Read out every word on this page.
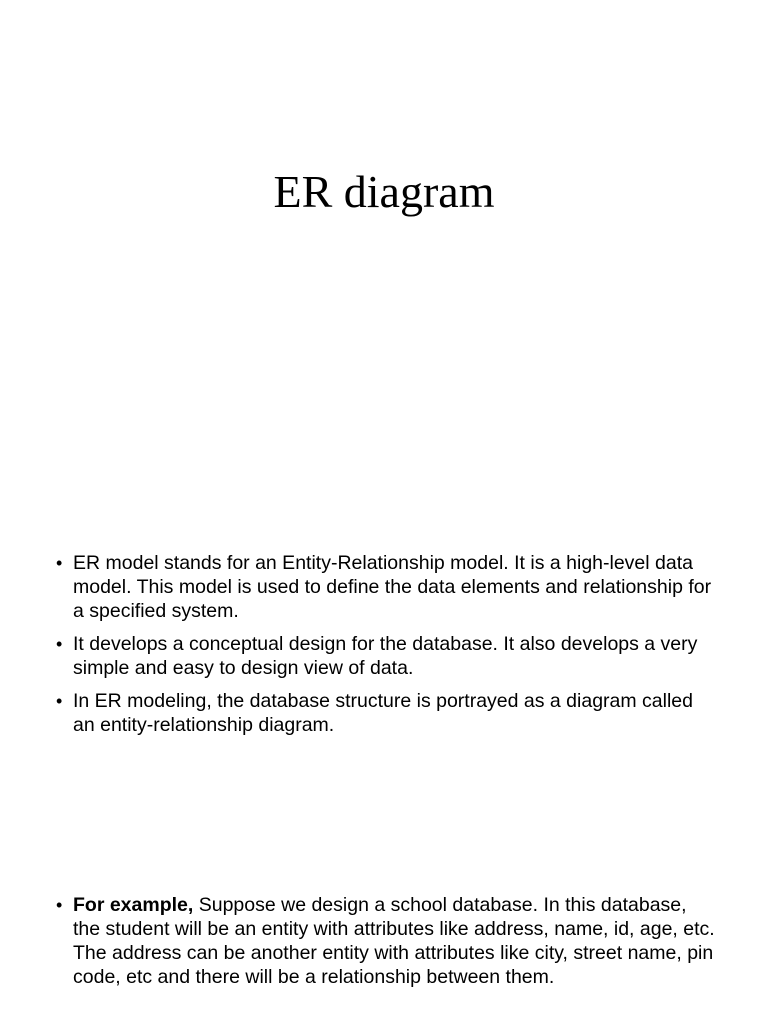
ER diagram
• ER model stands for an Entity-Relationship model. It is a high-level data model. This model is used to define the data elements and relationship for a specified system.
• It develops a conceptual design for the database. It also develops a very simple and easy to design view of data.
• In ER modeling, the database structure is portrayed as a diagram called an entity-relationship diagram.
• For example, Suppose we design a school database. In this database, the student will be an entity with attributes like address, name, id, age, etc. The address can be another entity with attributes like city, street name, pin code, etc and there will be a relationship between them.
